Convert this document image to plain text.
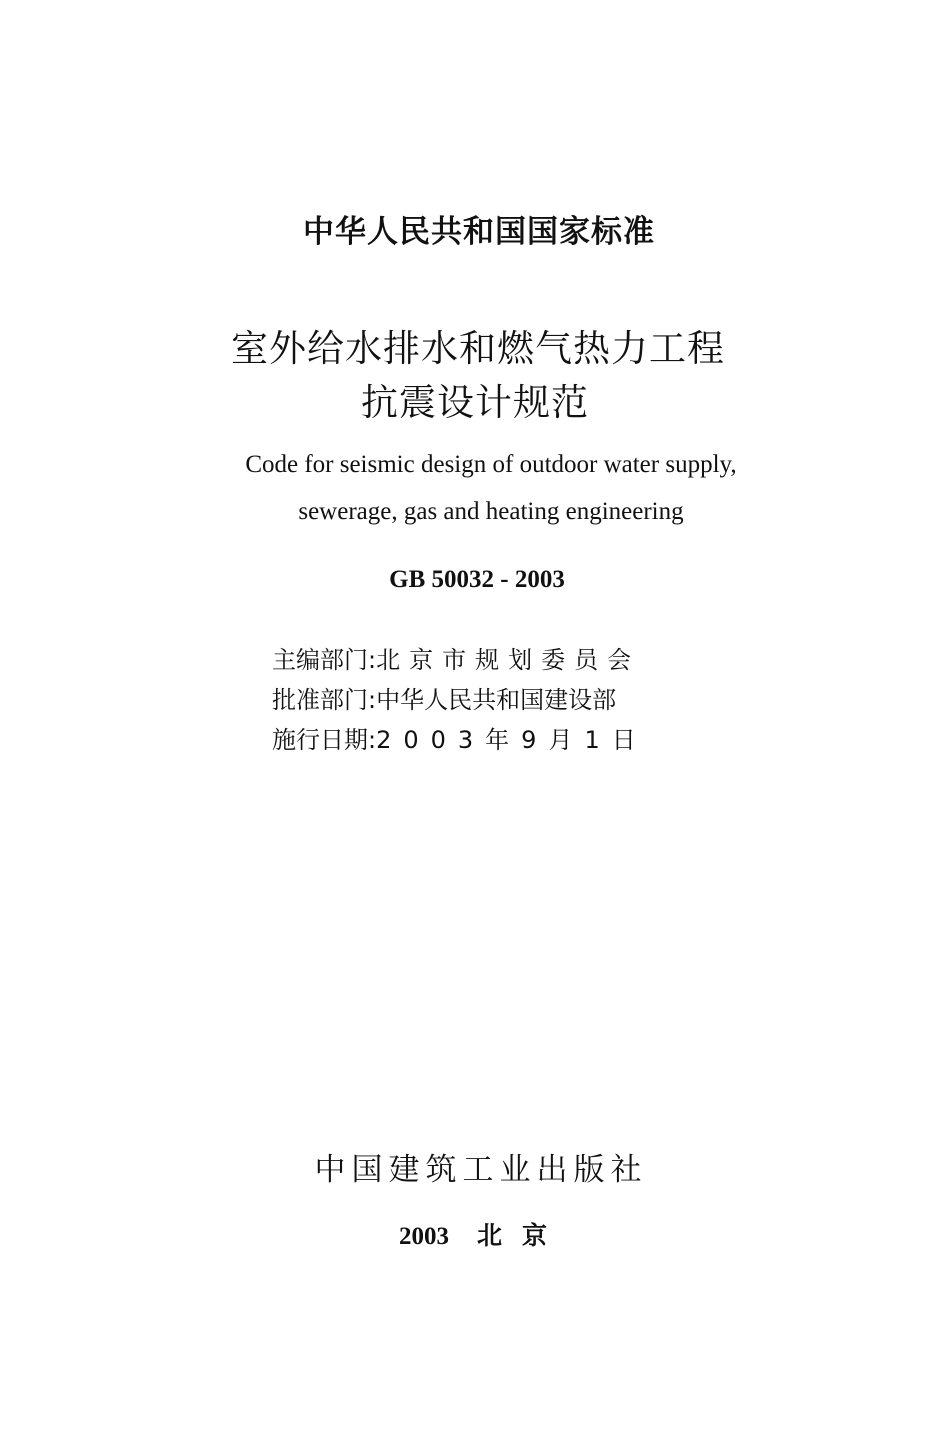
中华人民共和国国家标准
室外给水排水和燃气热力工程
抗震设计规范
Code for seismic design of outdoor water supply,
sewerage, gas and heating engineering
GB 50032 - 2003
主编部门:北京市规划委员会
批准部门:中华人民共和国建设部
施行日期:2003年9月1日
中国建筑工业出版社
2003 北京
